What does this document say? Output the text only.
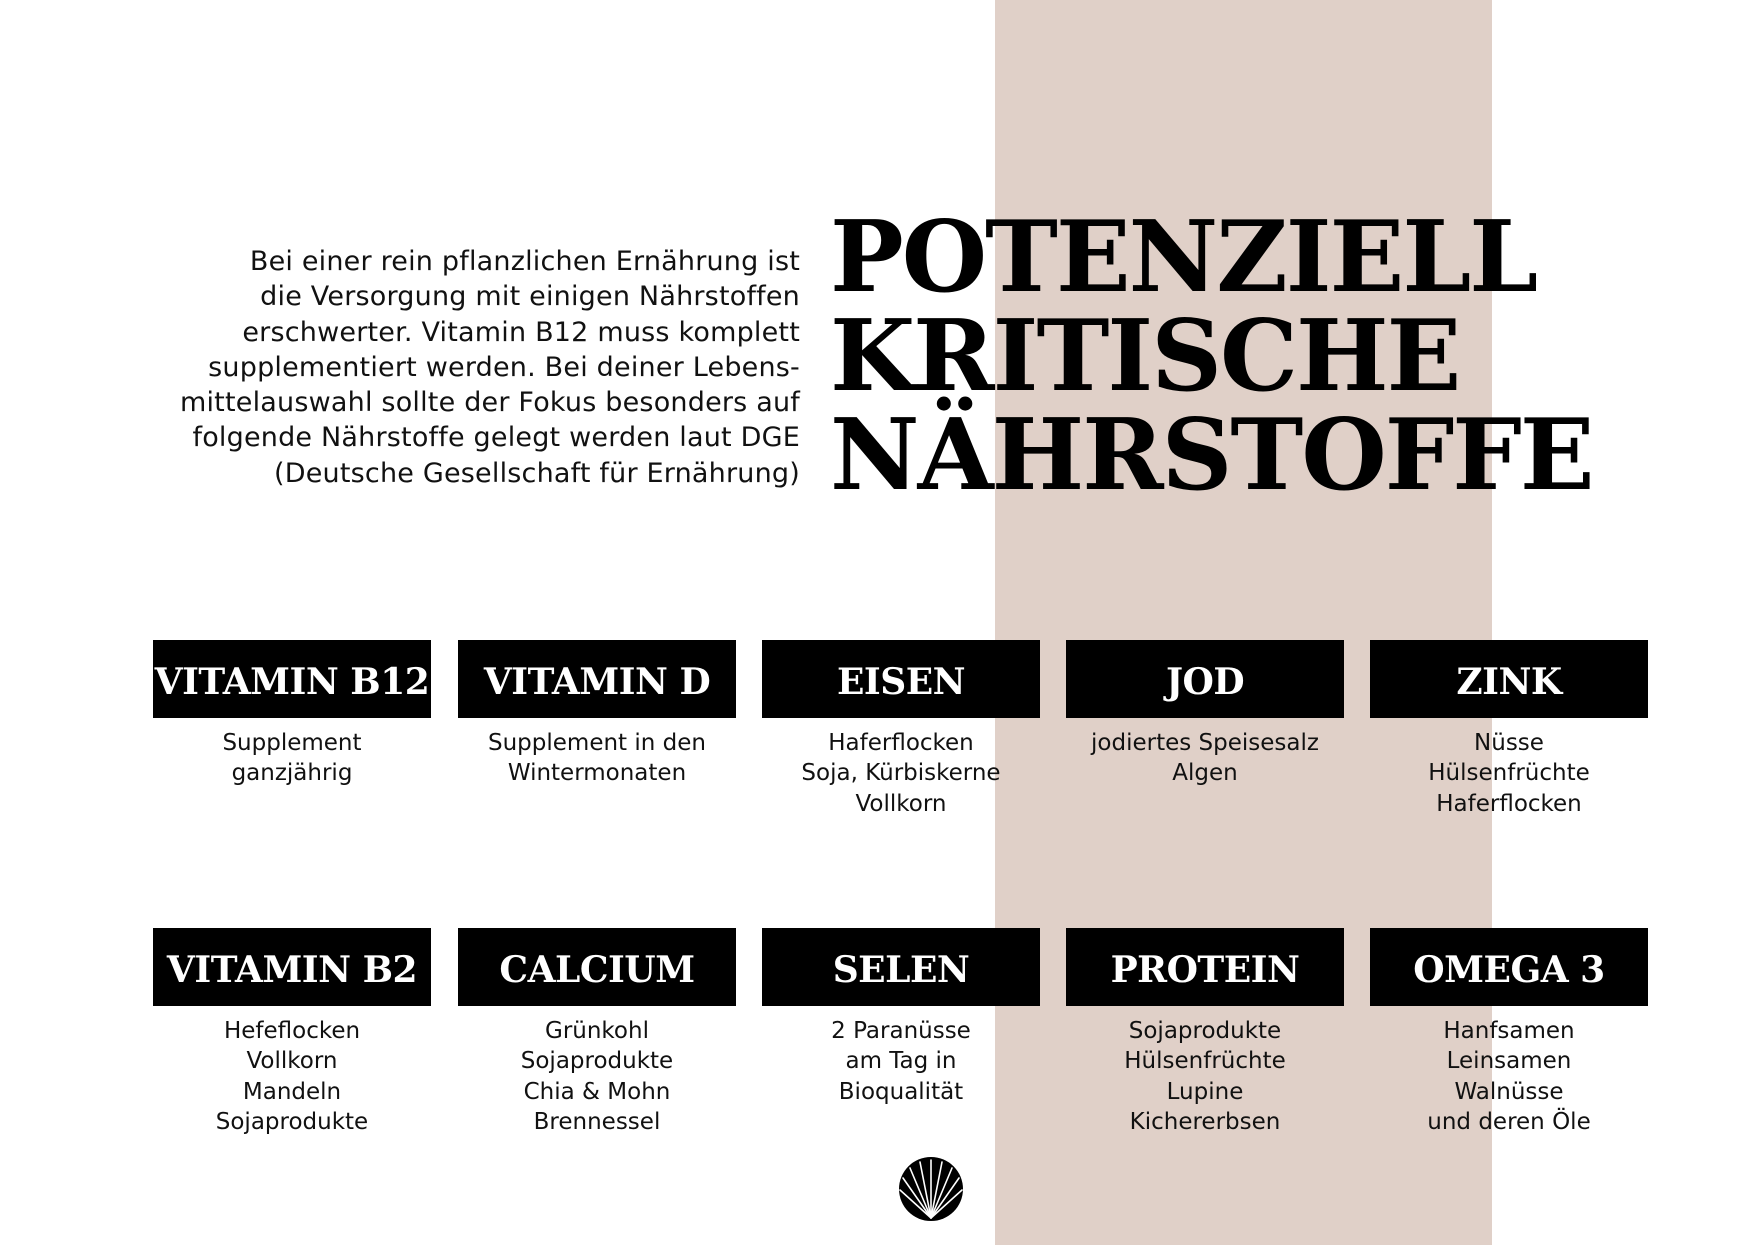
Bei einer rein pflanzlichen Ernährung ist
die Versorgung mit einigen Nährstoffen
erschwerter. Vitamin B12 muss komplett
supplementiert werden. Bei deiner Lebens-
mittelauswahl sollte der Fokus besonders auf
folgende Nährstoffe gelegt werden laut DGE
(Deutsche Gesellschaft für Ernährung)
POTENZIELL
KRITISCHE
NÄHRSTOFFE
VITAMIN B12
Supplement
ganzjährig
VITAMIN D
Supplement in den
Wintermonaten
EISEN
Haferflocken
Soja, Kürbiskerne
Vollkorn
JOD
jodiertes Speisesalz
Algen
ZINK
Nüsse
Hülsenfrüchte
Haferflocken
VITAMIN B2
Hefeflocken
Vollkorn
Mandeln
Sojaprodukte
CALCIUM
Grünkohl
Sojaprodukte
Chia & Mohn
Brennessel
SELEN
2 Paranüsse
am Tag in
Bioqualität
PROTEIN
Sojaprodukte
Hülsenfrüchte
Lupine
Kichererbsen
OMEGA 3
Hanfsamen
Leinsamen
Walnüsse
und deren Öle
